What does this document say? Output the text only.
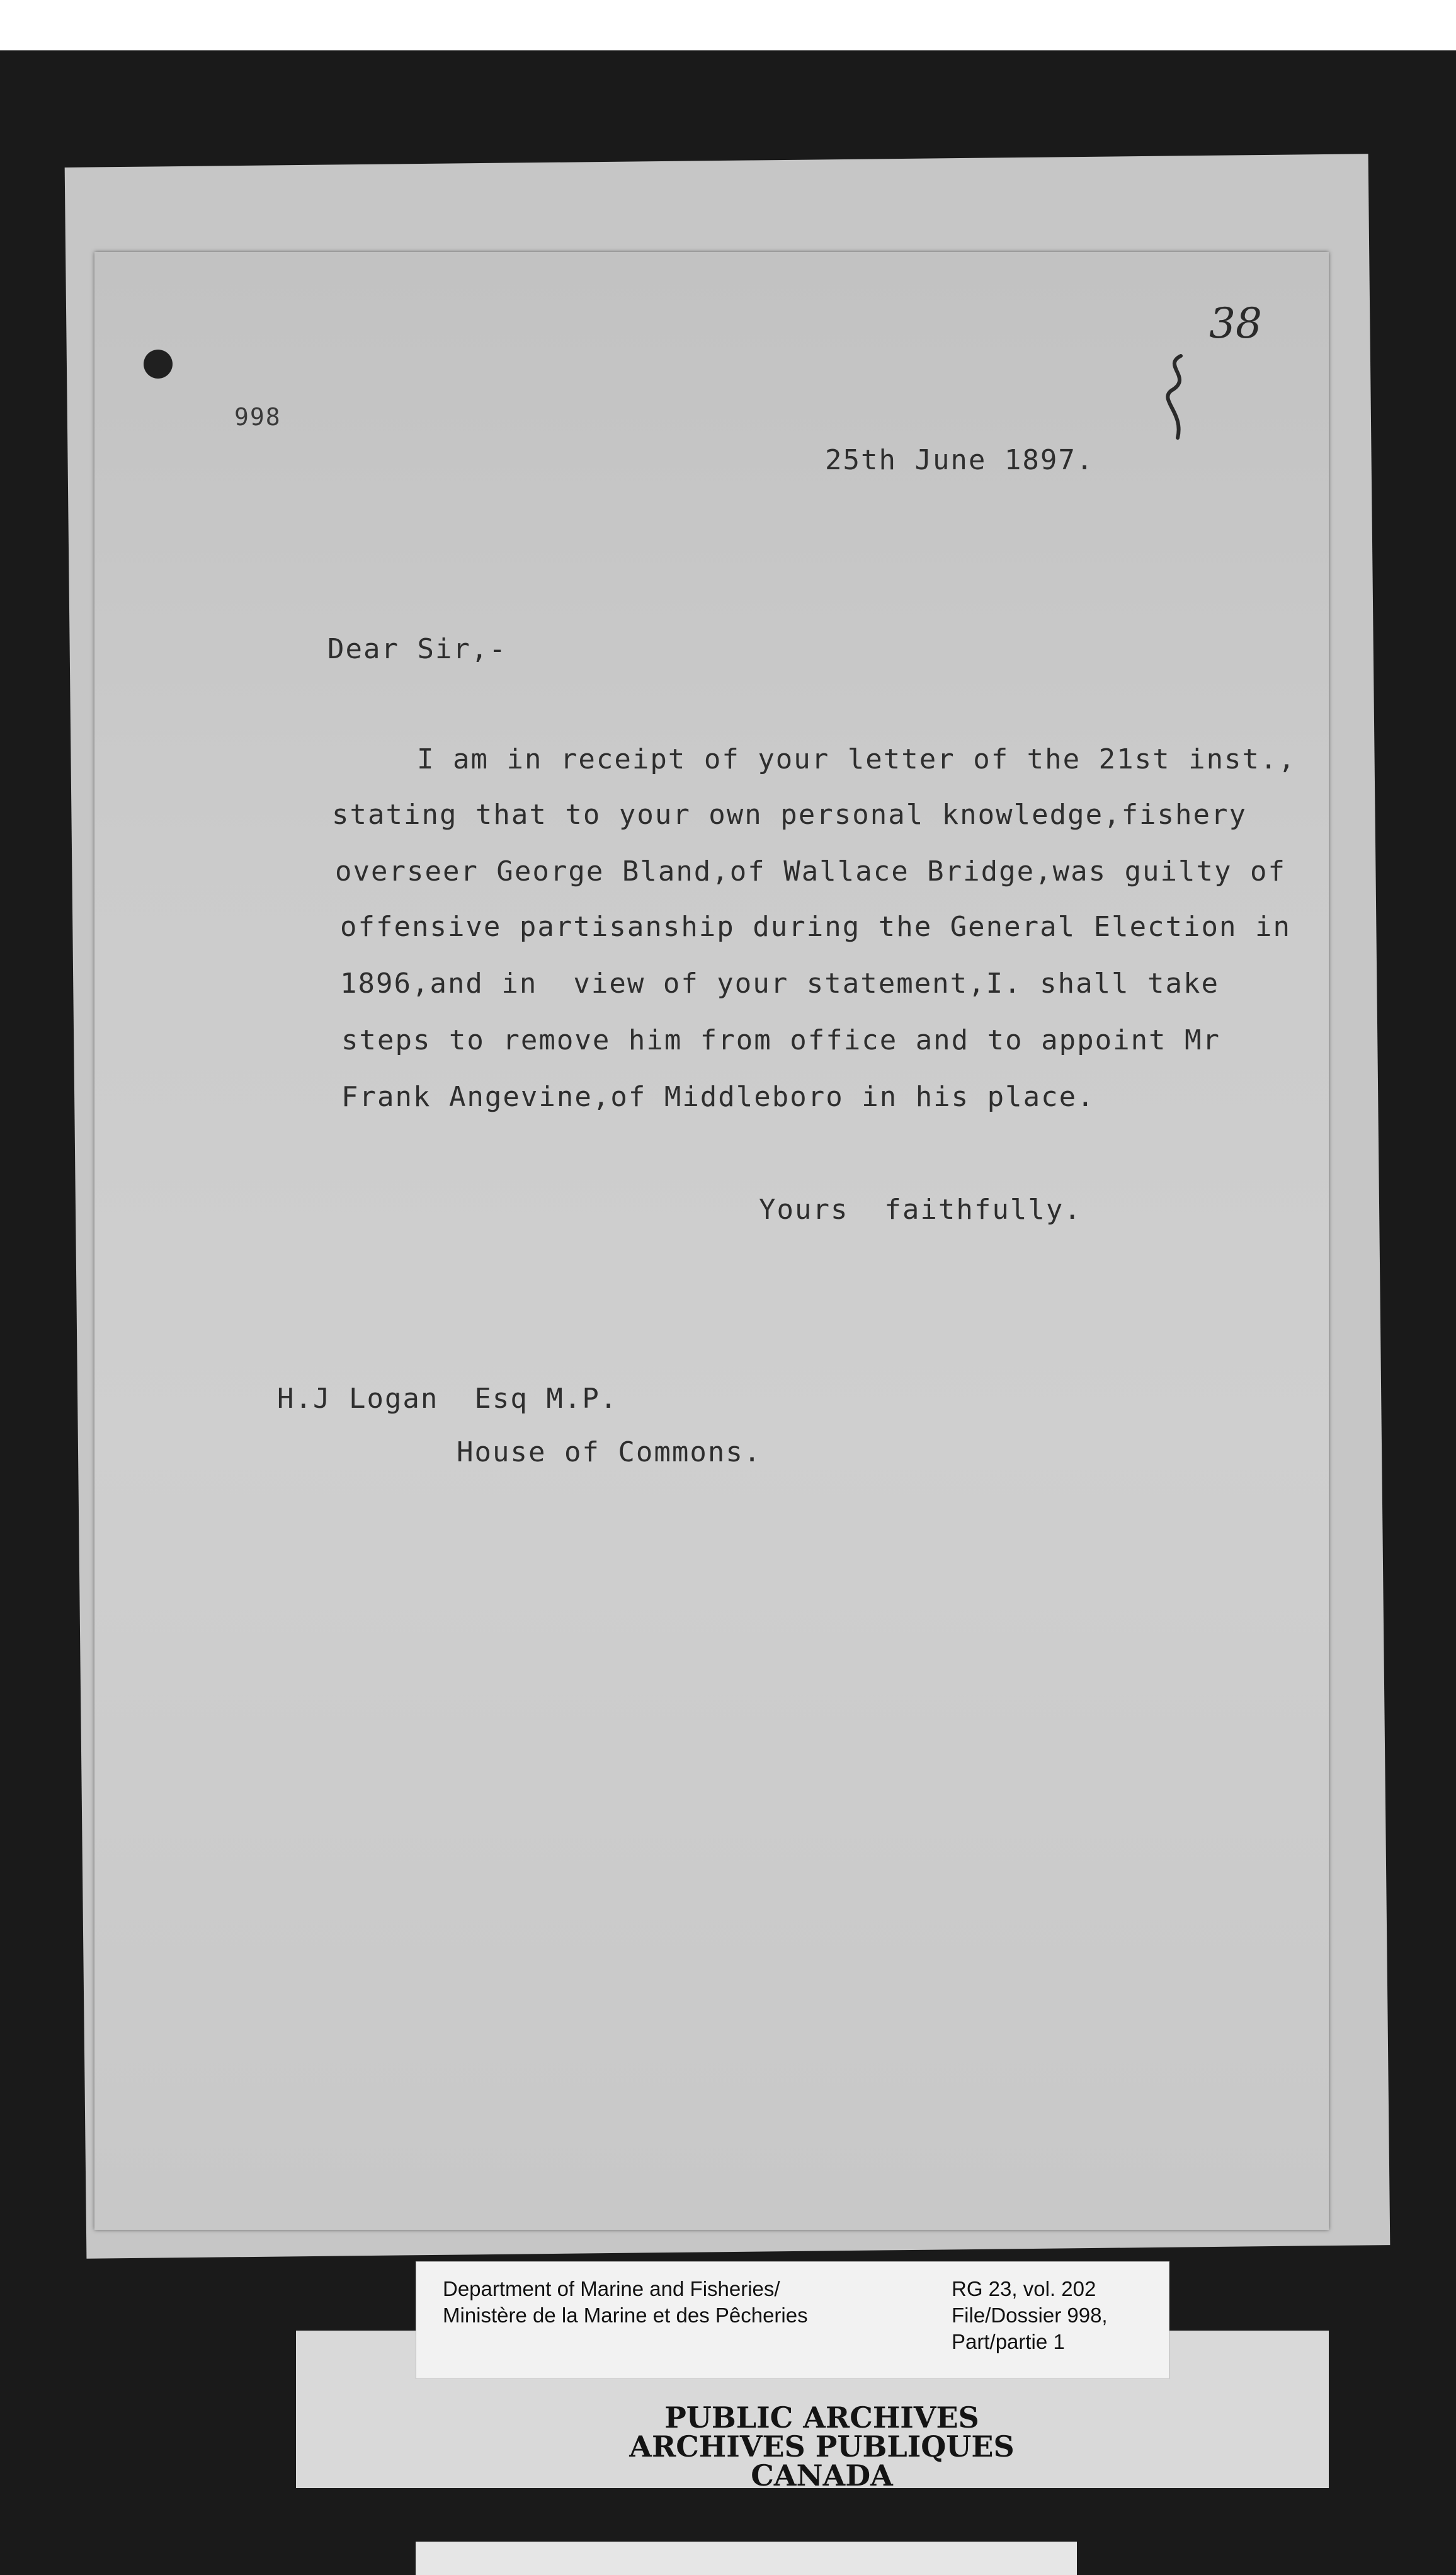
998
38
25th June 1897.
Dear Sir,-
I am in receipt of your letter of the 21st inst.,
stating that to your own personal knowledge,fishery
overseer George Bland,of Wallace Bridge,was guilty of
offensive partisanship during the General Election in
1896,and in  view of your statement,I. shall take
steps to remove him from office and to appoint Mr
Frank Angevine,of Middleboro in his place.
Yours  faithfully.
H.J Logan  Esq M.P.
House of Commons.
Department of Marine and Fisheries/
Ministère de la Marine et des Pêcheries
RG 23, vol. 202
File/Dossier 998,
Part/partie 1
PUBLIC ARCHIVES
ARCHIVES PUBLIQUES
CANADA
